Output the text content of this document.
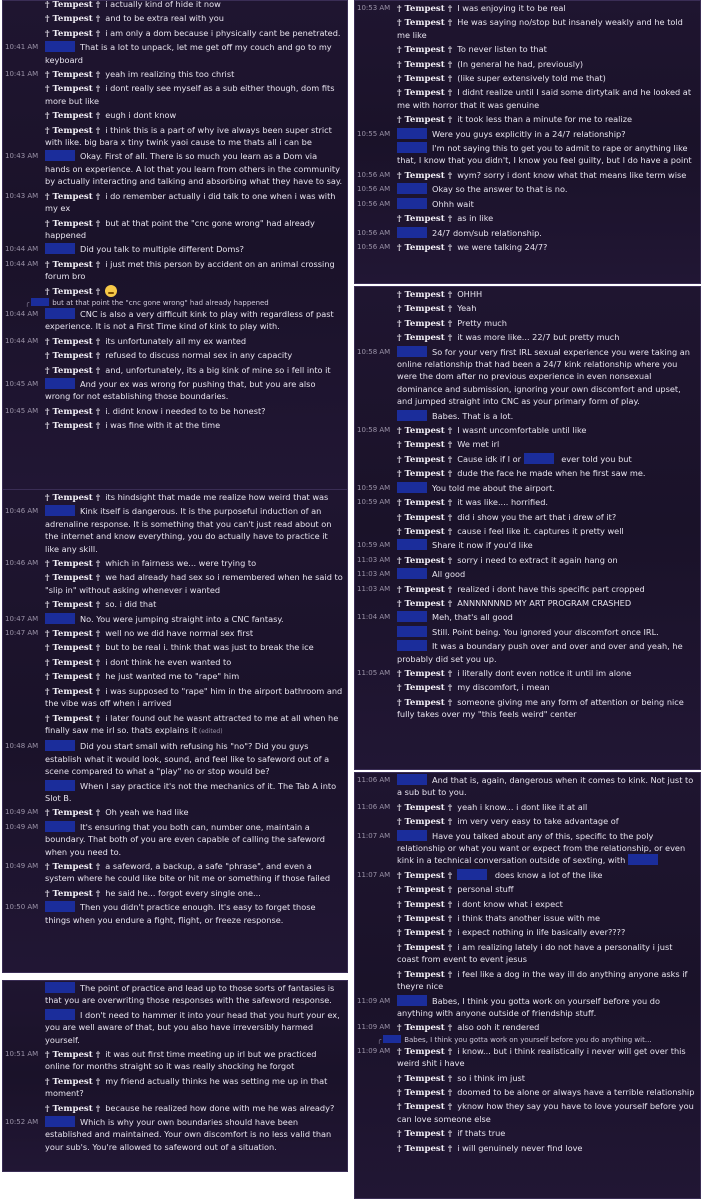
† Tempest † i actually kind of hide it now
† Tempest † and to be extra real with you
† Tempest † i am only a dom because i physically cant be penetrated.
10:41 AM	That is a lot to unpack, let me get off my couch and go to my keyboard
10:41 AM † Tempest † yeah im realizing this too christ
† Tempest † i dont really see myself as a sub either though, dom fits more but like
† Tempest † eugh i dont know
† Tempest † i think this is a part of why ive always been super strict with like. big bara x tiny twink yaoi cause to me thats all i can be
10:43 AM	Okay. First of all. There is so much you learn as a Dom via hands on experience. A lot that you learn from others in the community by actually interacting and talking and absorbing what they have to say.
10:43 AM † Tempest † i do remember actually i did talk to one when i was with my ex
† Tempest † but at that point the "cnc gone wrong" had already happened
10:44 AM	Did you talk to multiple different Doms?
10:44 AM † Tempest † i just met this person by accident on an animal crossing forum bro
† Tempest †
╭	but at that point the "cnc gone wrong" had already happened
10:44 AM	CNC is also a very difficult kink to play with regardless of past experience. It is not a First Time kind of kink to play with.
10:44 AM † Tempest † its unfortunately all my ex wanted
† Tempest † refused to discuss normal sex in any capacity
† Tempest † and, unfortunately, its a big kink of mine so i fell into it
10:45 AM	And your ex was wrong for pushing that, but you are also wrong for not establishing those boundaries.
10:45 AM † Tempest † i. didnt know i needed to to be honest?
† Tempest † i was fine with it at the time
† Tempest † its hindsight that made me realize how weird that was
10:46 AM	Kink itself is dangerous. It is the purposeful induction of an adrenaline response. It is something that you can't just read about on the internet and know everything, you do actually have to practice it like any skill.
10:46 AM † Tempest † which in fairness we... were trying to
† Tempest † we had already had sex so i remembered when he said to "slip in" without asking whenever i wanted
† Tempest † so. i did that
10:47 AM	No. You were jumping straight into a CNC fantasy.
10:47 AM † Tempest † well no we did have normal sex first
† Tempest † but to be real i. think that was just to break the ice
† Tempest † i dont think he even wanted to
† Tempest † he just wanted me to "rape" him
† Tempest † i was supposed to "rape" him in the airport bathroom and the vibe was off when i arrived
† Tempest † i later found out he wasnt attracted to me at all when he finally saw me irl so. thats explains it (edited)
10:48 AM	Did you start small with refusing his "no"? Did you guys establish what it would look, sound, and feel like to safeword out of a scene compared to what a "play" no or stop would be?
When I say practice it's not the mechanics of it. The Tab A into Slot B.
10:49 AM † Tempest † Oh yeah we had like
10:49 AM	It's ensuring that you both can, number one, maintain a boundary. That both of you are even capable of calling the safeword when you need to.
10:49 AM † Tempest † a safeword, a backup, a safe "phrase", and even a system where he could like bite or hit me or something if those failed
† Tempest † he said he... forgot every single one...
10:50 AM	Then you didn't practice enough. It's easy to forget those things when you endure a fight, flight, or freeze response.
The point of practice and lead up to those sorts of fantasies is that you are overwriting those responses with the safeword response.
I don't need to hammer it into your head that you hurt your ex, you are well aware of that, but you also have irreversibly harmed yourself.
10:51 AM † Tempest † it was out first time meeting up irl but we practiced online for months straight so it was really shocking he forgot
† Tempest † my friend actually thinks he was setting me up in that moment?
† Tempest † because he realized how done with me he was already?
10:52 AM	Which is why your own boundaries should have been established and maintained. Your own discomfort is no less valid than your sub's. You're allowed to safeword out of a situation.
10:53 AM † Tempest † I was enjoying it to be real
† Tempest † He was saying no/stop but insanely weakly and he told me like
† Tempest † To never listen to that
† Tempest † (In general he had, previously)
† Tempest † (like super extensively told me that)
† Tempest † I didnt realize until I said some dirtytalk and he looked at me with horror that it was genuine
† Tempest † it took less than a minute for me to realize
10:55 AM	Were you guys explicitly in a 24/7 relationship?
I'm not saying this to get you to admit to rape or anything like that, I know that you didn't, I know you feel guilty, but I do have a point
10:56 AM † Tempest † wym? sorry i dont know what that means like term wise
10:56 AM	Okay so the answer to that is no.
10:56 AM	Ohhh wait
† Tempest † as in like
10:56 AM	24/7 dom/sub relationship.
10:56 AM † Tempest † we were talking 24/7?
† Tempest † OHHH
† Tempest † Yeah
† Tempest † Pretty much
† Tempest † it was more like... 22/7 but pretty much
10:58 AM	So for your very first IRL sexual experience you were taking an online relationship that had been a 24/7 kink relationship where you were the dom after no previous experience in even nonsexual dominance and submission, ignoring your own discomfort and upset, and jumped straight into CNC as your primary form of play.
Babes. That is a lot.
10:58 AM † Tempest † I wasnt uncomfortable until like
† Tempest † We met irl
† Tempest † Cause idk if I or	ever told you but
† Tempest † dude the face he made when he first saw me.
10:59 AM	You told me about the airport.
10:59 AM † Tempest † it was like.... horrified.
† Tempest † did i show you the art that i drew of it?
† Tempest † cause i feel like it. captures it pretty well
10:59 AM	Share it now if you'd like
11:03 AM † Tempest † sorry i need to extract it again hang on
11:03 AM	All good
11:03 AM † Tempest † realized i dont have this specific part cropped
† Tempest † ANNNNNNND MY ART PROGRAM CRASHED
11:04 AM	Meh, that's all good
Still. Point being. You ignored your discomfort once IRL.
It was a boundary push over and over and over and yeah, he probably did set you up.
11:05 AM † Tempest † i literally dont even notice it until im alone
† Tempest † my discomfort, i mean
† Tempest † someone giving me any form of attention or being nice fully takes over my "this feels weird" center
11:06 AM	And that is, again, dangerous when it comes to kink. Not just to a sub but to you.
11:06 AM † Tempest † yeah i know... i dont like it at all
† Tempest † im very very easy to take advantage of
11:07 AM	Have you talked about any of this, specific to the poly relationship or what you want or expect from the relationship, or even kink in a technical conversation outside of sexting, with
11:07 AM † Tempest †	does know a lot of the like
† Tempest † personal stuff
† Tempest † i dont know what i expect
† Tempest † i think thats another issue with me
† Tempest † i expect nothing in life basically ever????
† Tempest † i am realizing lately i do not have a personality i just coast from event to event jesus
† Tempest † i feel like a dog in the way ill do anything anyone asks if theyre nice
11:09 AM	Babes, I think you gotta work on yourself before you do anything with anyone outside of friendship stuff.
11:09 AM † Tempest † also ooh it rendered
╭	Babes, I think you gotta work on yourself before you do anything wit...
11:09 AM † Tempest † i know... but i think realistically i never will get over this weird shit i have
† Tempest † so i think im just
† Tempest † doomed to be alone or always have a terrible relationship
† Tempest † yknow how they say you have to love yourself before you can love someone else
† Tempest † if thats true
† Tempest † i will genuinely never find love
